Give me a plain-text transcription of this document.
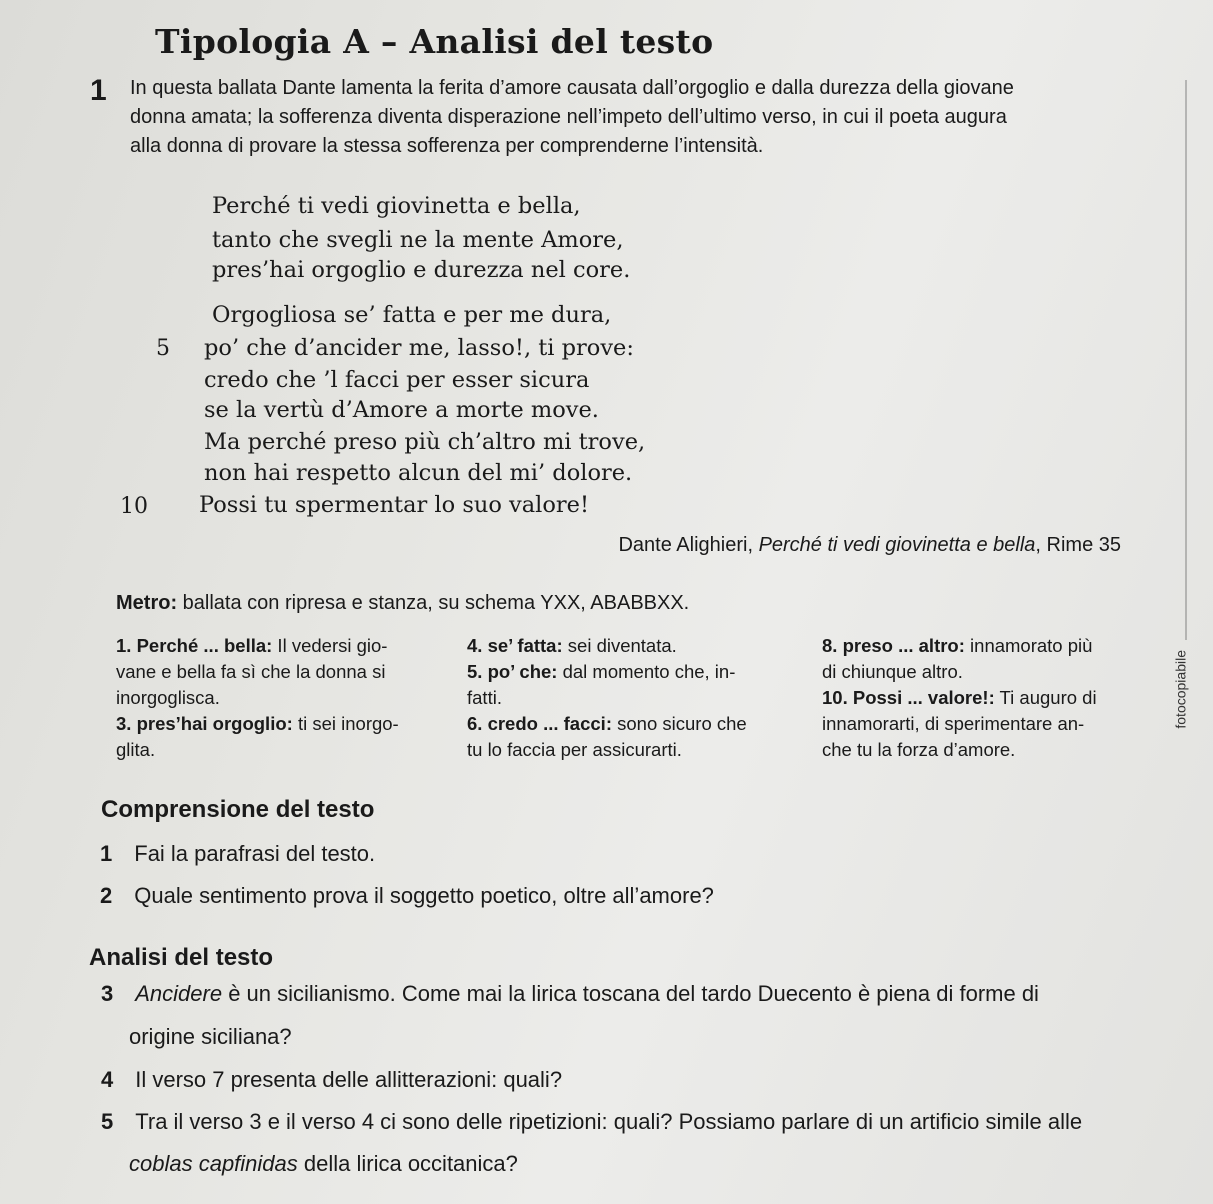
Tipologia A – Analisi del testo
1 In questa ballata Dante lamenta la ferita d’amore causata dall’orgoglio e dalla durezza della giovane
donna amata; la sofferenza diventa disperazione nell’impeto dell’ultimo verso, in cui il poeta augura
alla donna di provare la stessa sofferenza per comprenderne l’intensità.
Perché ti vedi giovinetta e bella,
tanto che svegli ne la mente Amore,
pres’hai orgoglio e durezza nel core.
Orgogliosa se’ fatta e per me dura,
5 po’ che d’ancider me, lasso!, ti prove:
credo che ’l facci per esser sicura
se la vertù d’Amore a morte move.
Ma perché preso più ch’altro mi trove,
non hai respetto alcun del mi’ dolore.
10 Possi tu spermentar lo suo valore!
Dante Alighieri, Perché ti vedi giovinetta e bella, Rime 35
Metro: ballata con ripresa e stanza, su schema YXX, ABABBXX.
1. Perché ... bella: Il vedersi gio-
vane e bella fa sì che la donna si
inorgoglisca.
3. pres’hai orgoglio: ti sei inorgo-
glita.
4. se’ fatta: sei diventata.
5. po’ che: dal momento che, in-
fatti.
6. credo ... facci: sono sicuro che
tu lo faccia per assicurarti.
8. preso ... altro: innamorato più
di chiunque altro.
10. Possi ... valore!: Ti auguro di
innamorarti, di sperimentare an-
che tu la forza d’amore.
Comprensione del testo
1 Fai la parafrasi del testo.
2 Quale sentimento prova il soggetto poetico, oltre all’amore?
Analisi del testo
3 Ancidere è un sicilianismo. Come mai la lirica toscana del tardo Duecento è piena di forme di
origine siciliana?
4 Il verso 7 presenta delle allitterazioni: quali?
5 Tra il verso 3 e il verso 4 ci sono delle ripetizioni: quali? Possiamo parlare di un artificio simile alle
coblas capfinidas della lirica occitanica?
fotocopiabile
